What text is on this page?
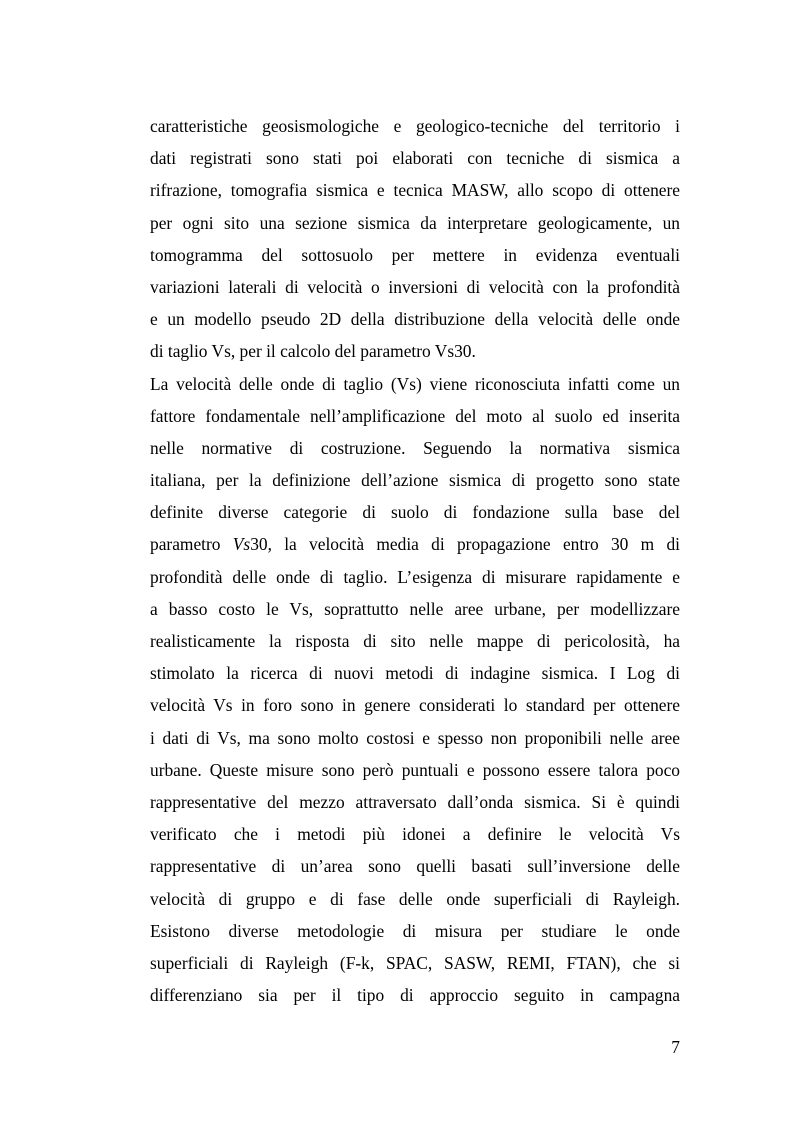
caratteristiche geosismologiche e geologico-tecniche del territorio i
dati registrati sono stati poi elaborati con tecniche di sismica a
rifrazione, tomografia sismica e tecnica MASW, allo scopo di ottenere
per ogni sito una sezione sismica da interpretare geologicamente, un
tomogramma del sottosuolo per mettere in evidenza eventuali
variazioni laterali di velocità o inversioni di velocità con la profondità
e un modello pseudo 2D della distribuzione della velocità delle onde
di taglio Vs, per il calcolo del parametro Vs30.
La velocità delle onde di taglio (Vs) viene riconosciuta infatti come un
fattore fondamentale nell’amplificazione del moto al suolo ed inserita
nelle normative di costruzione. Seguendo la normativa sismica
italiana, per la definizione dell’azione sismica di progetto sono state
definite diverse categorie di suolo di fondazione sulla base del
parametro Vs30, la velocità media di propagazione entro 30 m di
profondità delle onde di taglio. L’esigenza di misurare rapidamente e
a basso costo le Vs, soprattutto nelle aree urbane, per modellizzare
realisticamente la risposta di sito nelle mappe di pericolosità, ha
stimolato la ricerca di nuovi metodi di indagine sismica. I Log di
velocità Vs in foro sono in genere considerati lo standard per ottenere
i dati di Vs, ma sono molto costosi e spesso non proponibili nelle aree
urbane. Queste misure sono però puntuali e possono essere talora poco
rappresentative del mezzo attraversato dall’onda sismica. Si è quindi
verificato che i metodi più idonei a definire le velocità Vs
rappresentative di un’area sono quelli basati sull’inversione delle
velocità di gruppo e di fase delle onde superficiali di Rayleigh.
Esistono diverse metodologie di misura per studiare le onde
superficiali di Rayleigh (F-k, SPAC, SASW, REMI, FTAN), che si
differenziano sia per il tipo di approccio seguito in campagna
7
